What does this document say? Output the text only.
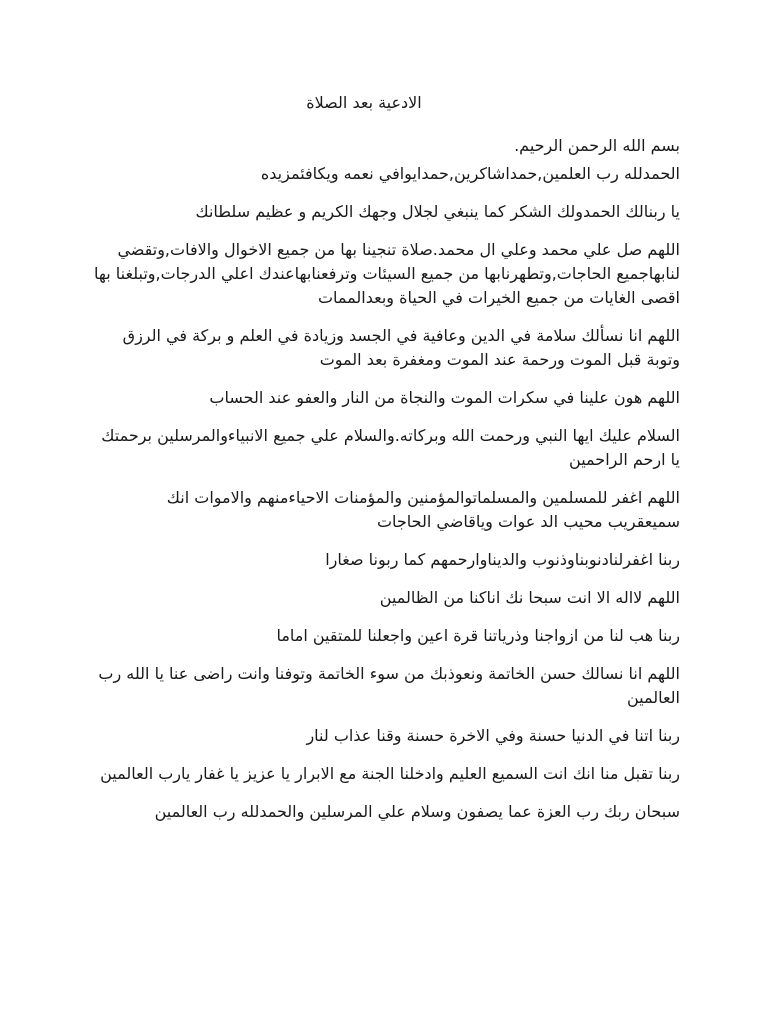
الادعية بعد الصلاة

بسم الله الرحمن الرحيم.

الحمدلله رب العلمين,حمداشاكرين,حمدايوافي نعمه ويكافئمزيده

يا ربنالك الحمدولك الشكر كما ينبغي لجلال وجهك الكريم و عظيم سلطانك

اللهم صل علي محمد وعلي ال محمد.صلاة تنجينا بها من جميع الاخوال والافات,وتقضي لنابهاجميع الحاجات,وتطهرنابها من جميع السيئات وترفعنابهاعندك اعلي الدرجات,وتبلغنا بها اقصى الغايات من جميع الخيرات في الحياة وبعدالممات

اللهم انا نسألك سلامة في الدين وعافية في الجسد وزيادة في العلم و بركة في الرزق وتوبة قبل الموت ورحمة عند الموت ومغفرة بعد الموت

اللهم هون علينا في سكرات الموت والنجاة من النار والعفو عند الحساب

السلام عليك ايها النبي ورحمت الله وبركاته.والسلام علي جميع الانبياءوالمرسلين برحمتك يا ارحم الراحمين

اللهم اغفر للمسلمين والمسلماتوالمؤمنين والمؤمنات الاحياءمنهم والاموات انك سميعقريب محيب الد عوات وياقاضي الحاجات

ربنا اغفرلنادنوبناوذنوب والديناوارحمهم كما ربونا صغارا

اللهم لااله الا انت سبحا نك اناكنا من الظالمين

ربنا هب لنا من ازواجنا وذرياتنا قرة اعين واجعلنا للمتقين اماما

اللهم انا نسالك حسن الخاتمة ونعوذبك من سوء الخاتمة وتوفنا وانت راضى عنا يا الله رب العالمين

ربنا اتنا في الدنيا حسنة وفي الاخرة حسنة وقنا عذاب لنار

ربنا تقبل منا انك انت السميع العليم وادخلنا الجنة مع الابرار يا عزيز يا غفار يارب العالمين

سبحان ربك رب العزة عما يصفون وسلام علي المرسلين والحمدلله رب العالمين
